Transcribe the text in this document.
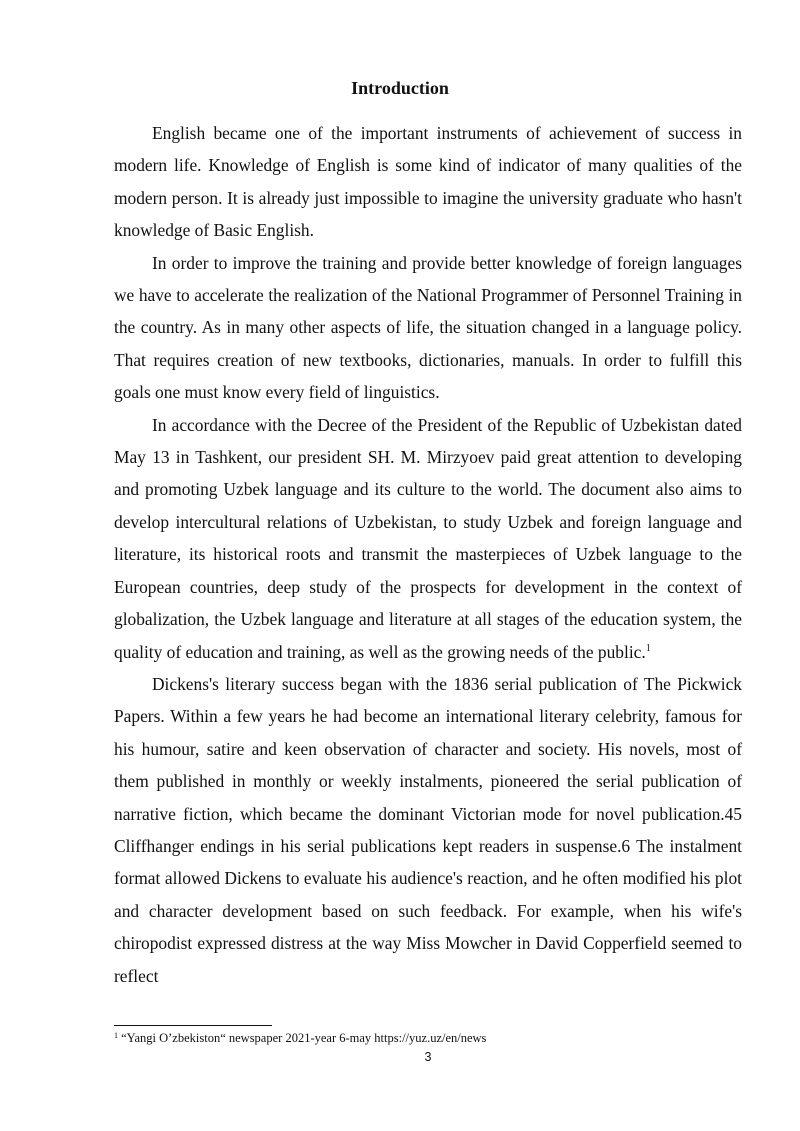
Introduction

English became one of the important instruments of achievement of success in modern life. Knowledge of English is some kind of indicator of many qualities of the modern person. It is already just impossible to imagine the university graduate who hasn't knowledge of Basic English.

In order to improve the training and provide better knowledge of foreign languages we have to accelerate the realization of the National Programmer of Personnel Training in the country. As in many other aspects of life, the situation changed in a language policy. That requires creation of new textbooks, dictionaries, manuals. In order to fulfill this goals one must know every field of linguistics.

In accordance with the Decree of the President of the Republic of Uzbekistan dated May 13 in Tashkent, our president SH. M. Mirzyoev paid great attention to developing and promoting Uzbek language and its culture to the world. The document also aims to develop intercultural relations of Uzbekistan, to study Uzbek and foreign language and literature, its historical roots and transmit the masterpieces of Uzbek language to the European countries, deep study of the prospects for development in the context of globalization, the Uzbek language and literature at all stages of the education system, the quality of education and training, as well as the growing needs of the public.$^1$

Dickens's literary success began with the 1836 serial publication of The Pickwick Papers. Within a few years he had become an international literary celebrity, famous for his humour, satire and keen observation of character and society. His novels, most of them published in monthly or weekly instalments, pioneered the serial publication of narrative fiction, which became the dominant Victorian mode for novel publication.45 Cliffhanger endings in his serial publications kept readers in suspense.6 The instalment format allowed Dickens to evaluate his audience's reaction, and he often modified his plot and character development based on such feedback. For example, when his wife's chiropodist expressed distress at the way Miss Mowcher in David Copperfield seemed to reflect

$^1$ “Yangi O’zbekiston“ newspaper 2021-year 6-may https://yuz.uz/en/news
3
